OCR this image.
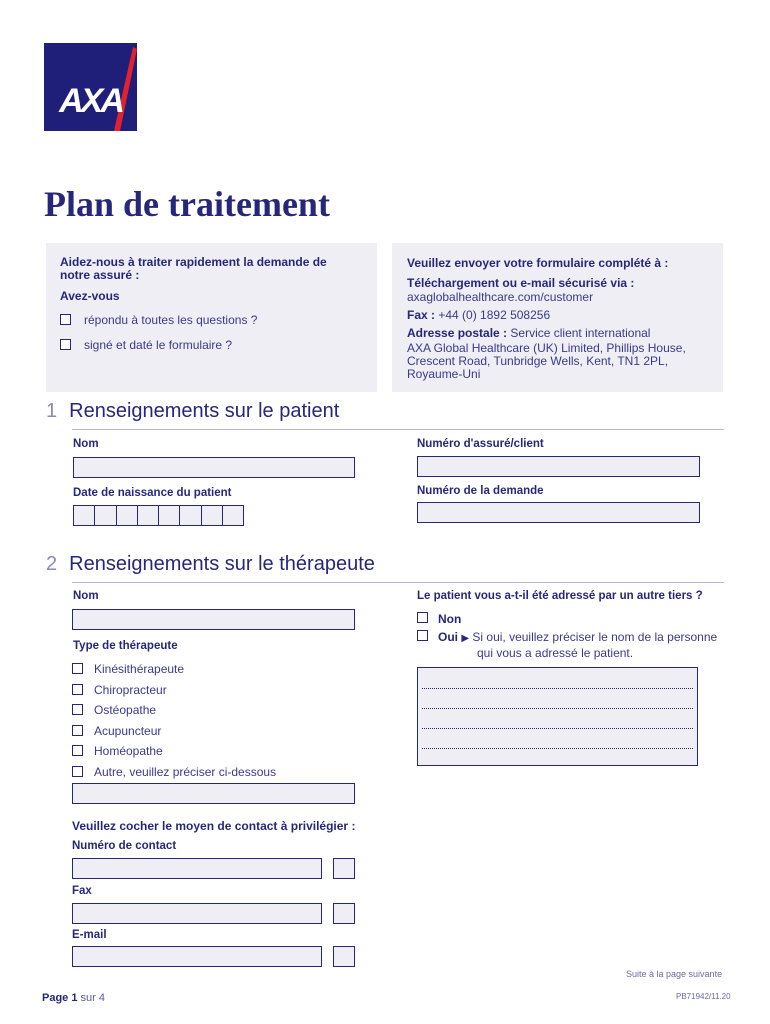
AXA
Plan de traitement
Aidez-nous à traiter rapidement la demande de notre assuré :
Avez-vous
répondu à toutes les questions ?
signé et daté le formulaire ?
Veuillez envoyer votre formulaire complété à :
Téléchargement ou e-mail sécurisé via :
axaglobalhealthcare.com/customer
Fax : +44 (0) 1892 508256
Adresse postale : Service client international
AXA Global Healthcare (UK) Limited, Phillips House,
Crescent Road, Tunbridge Wells, Kent, TN1 2PL,
Royaume-Uni
1 Renseignements sur le patient
Nom	Numéro d'assuré/client
Date de naissance du patient	Numéro de la demande
2 Renseignements sur le thérapeute
Nom
Type de thérapeute
Kinésithérapeute
Chiropracteur
Ostéopathe
Acupuncteur
Homéopathe
Autre, veuillez préciser ci-dessous
Le patient vous a-t-il été adressé par un autre tiers ?
Non
Oui ▶ Si oui, veuillez préciser le nom de la personne
qui vous a adressé le patient.
Veuillez cocher le moyen de contact à privilégier :
Numéro de contact
Fax
E-mail
Suite à la page suivante
Page 1 sur 4	PB71942/11.20
